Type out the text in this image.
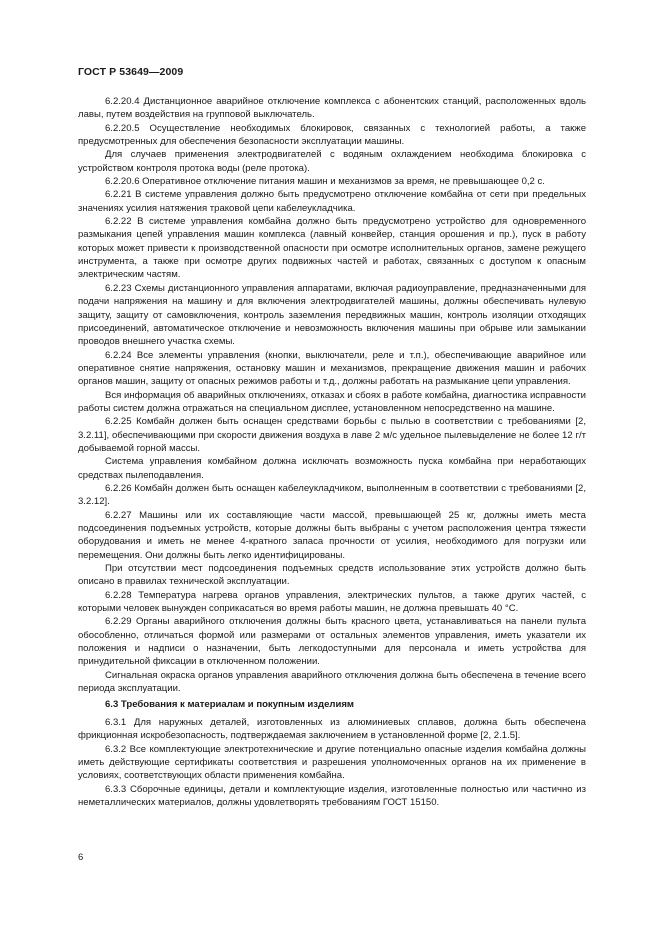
ГОСТ Р 53649—2009

6.2.20.4 Дистанционное аварийное отключение комплекса с абонентских станций, расположенных вдоль лавы, путем воздействия на групповой выключатель.

6.2.20.5 Осуществление необходимых блокировок, связанных с технологией работы, а также предусмотренных для обеспечения безопасности эксплуатации машины.

Для случаев применения электродвигателей с водяным охлаждением необходима блокировка с устройством контроля протока воды (реле протока).

6.2.20.6 Оперативное отключение питания машин и механизмов за время, не превышающее 0,2 с.

6.2.21 В системе управления должно быть предусмотрено отключение комбайна от сети при предельных значениях усилия натяжения траковой цепи кабелеукладчика.

6.2.22 В системе управления комбайна должно быть предусмотрено устройство для одновременного размыкания цепей управления машин комплекса (лавный конвейер, станция орошения и пр.), пуск в работу которых может привести к производственной опасности при осмотре исполнительных органов, замене режущего инструмента, а также при осмотре других подвижных частей и работах, связанных с доступом к опасным электрическим частям.

6.2.23 Схемы дистанционного управления аппаратами, включая радиоуправление, предназначенными для подачи напряжения на машину и для включения электродвигателей машины, должны обеспечивать нулевую защиту, защиту от самовключения, контроль заземления передвижных машин, контроль изоляции отходящих присоединений, автоматическое отключение и невозможность включения машины при обрыве или замыкании проводов внешнего участка схемы.

6.2.24 Все элементы управления (кнопки, выключатели, реле и т.п.), обеспечивающие аварийное или оперативное снятие напряжения, остановку машин и механизмов, прекращение движения машин и рабочих органов машин, защиту от опасных режимов работы и т.д., должны работать на размыкание цепи управления.

Вся информация об аварийных отключениях, отказах и сбоях в работе комбайна, диагностика исправности работы систем должна отражаться на специальном дисплее, установленном непосредственно на машине.

6.2.25 Комбайн должен быть оснащен средствами борьбы с пылью в соответствии с требованиями [2, 3.2.11], обеспечивающими при скорости движения воздуха в лаве 2 м/с удельное пылевыделение не более 12 г/т добываемой горной массы.

Система управления комбайном должна исключать возможность пуска комбайна при неработающих средствах пылеподавления.

6.2.26 Комбайн должен быть оснащен кабелеукладчиком, выполненным в соответствии с требованиями [2, 3.2.12].

6.2.27 Машины или их составляющие части массой, превышающей 25 кг, должны иметь места подсоединения подъемных устройств, которые должны быть выбраны с учетом расположения центра тяжести оборудования и иметь не менее 4-кратного запаса прочности от усилия, необходимого для погрузки или перемещения. Они должны быть легко идентифицированы.

При отсутствии мест подсоединения подъемных средств использование этих устройств должно быть описано в правилах технической эксплуатации.

6.2.28 Температура нагрева органов управления, электрических пультов, а также других частей, с которыми человек вынужден соприкасаться во время работы машин, не должна превышать 40 °С.

6.2.29 Органы аварийного отключения должны быть красного цвета, устанавливаться на панели пульта обособленно, отличаться формой или размерами от остальных элементов управления, иметь указатели их положения и надписи о назначении, быть легкодоступными для персонала и иметь устройства для принудительной фиксации в отключенном положении.

Сигнальная окраска органов управления аварийного отключения должна быть обеспечена в течение всего периода эксплуатации.

6.3 Требования к материалам и покупным изделиям

6.3.1 Для наружных деталей, изготовленных из алюминиевых сплавов, должна быть обеспечена фрикционная искробезопасность, подтверждаемая заключением в установленной форме [2, 2.1.5].

6.3.2 Все комплектующие электротехнические и другие потенциально опасные изделия комбайна должны иметь действующие сертификаты соответствия и разрешения уполномоченных органов на их применение в условиях, соответствующих области применения комбайна.

6.3.3 Сборочные единицы, детали и комплектующие изделия, изготовленные полностью или частично из неметаллических материалов, должны удовлетворять требованиям ГОСТ 15150.

6
